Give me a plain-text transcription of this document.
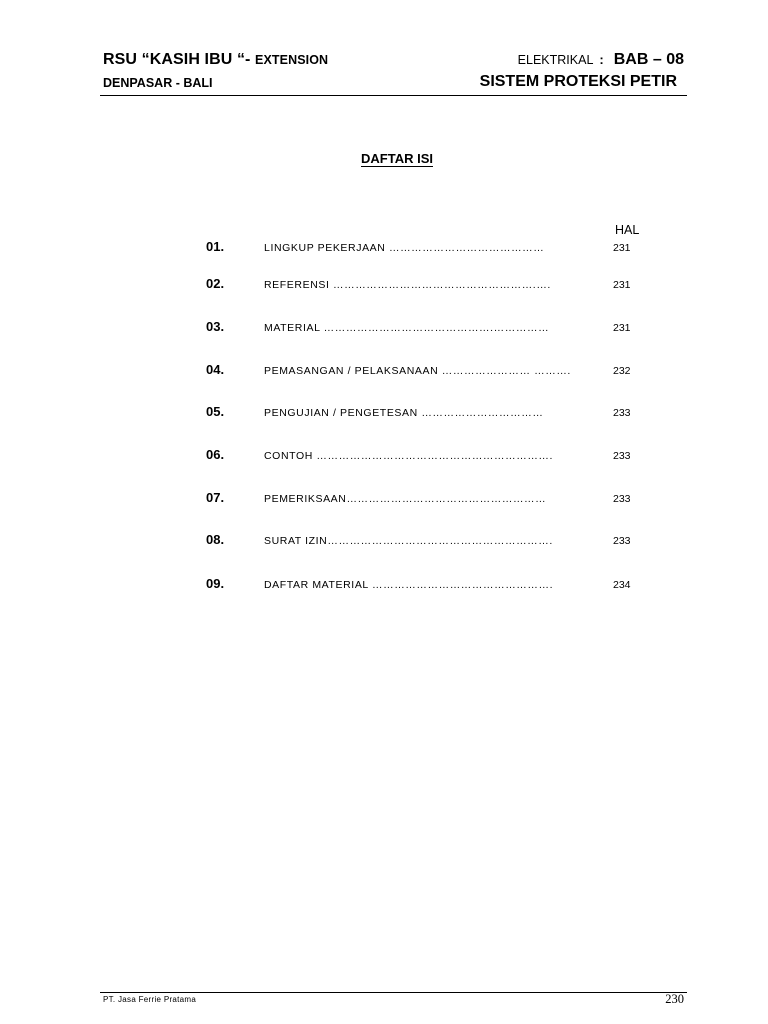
RSU “KASIH IBU “- EXTENSION
DENPASAR - BALI
ELEKTRIKAL : BAB – 08
SISTEM PROTEKSI PETIR
DAFTAR ISI
HAL
01.	LINGKUP PEKERJAAN ……………………………………	231
02.	REFERENSI ……………………………………………….….	231
03.	MATERIAL ……………………………………….……………	231
04.	PEMASANGAN / PELAKSANAAN …………………… ……….	232
05.	PENGUJIAN / PENGETESAN ……………………………	233
06.	CONTOH ……………………………………………………….	233
07.	PEMERIKSAAN………………………………………………	233
08.	SURAT IZIN…………………………………………………….	233
09.	DAFTAR MATERIAL ………………………………………….	234
PT. Jasa Ferrie Pratama	230
